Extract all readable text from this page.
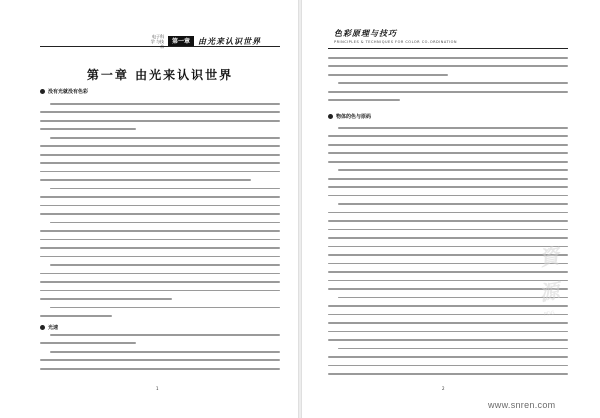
电子科学 与技	第一章	由光来认识世界
第一章 由光来认识世界
没有光就没有色彩
光速
1
色彩原理与技巧
PRINCIPLES & TECHNIQUES FOR COLOR CO-ORDINATION
物体的色与原码
2
資
源
PDG
www.snren.com
